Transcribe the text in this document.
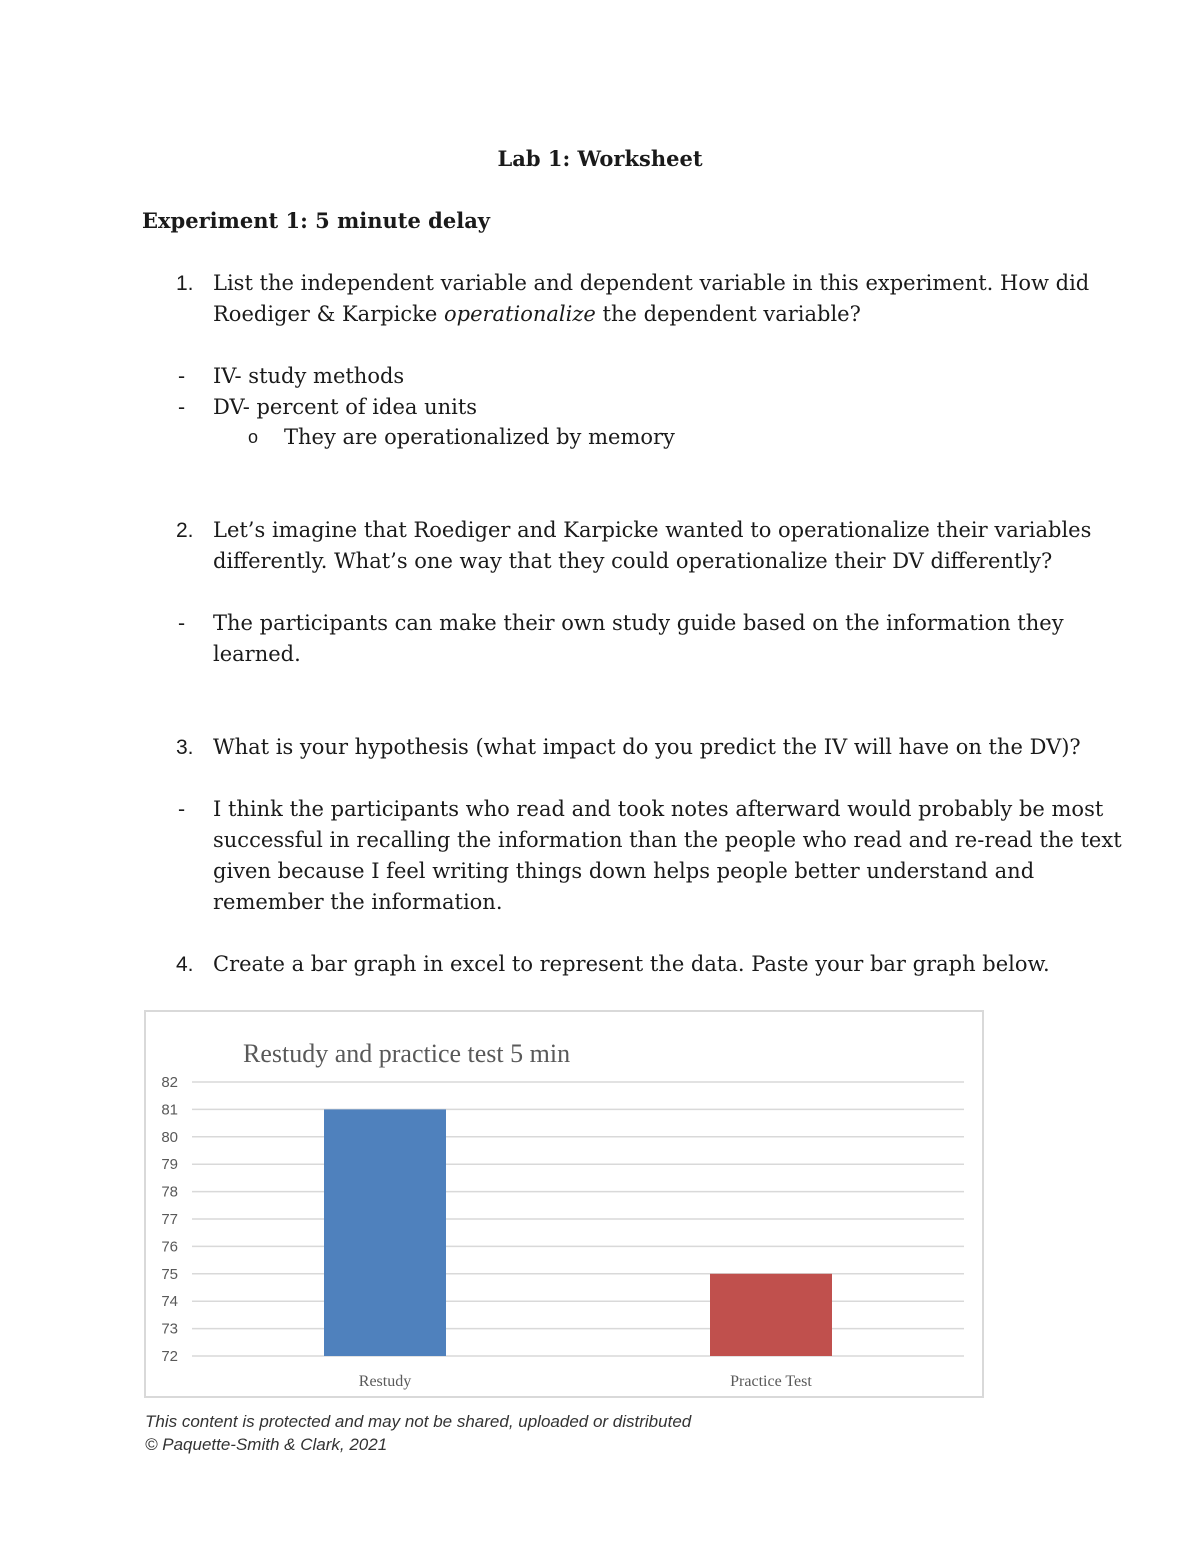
Lab 1: Worksheet
Experiment 1: 5 minute delay
1. List the independent variable and dependent variable in this experiment. How did
Roediger & Karpicke operationalize the dependent variable?
- IV- study methods
- DV- percent of idea units
o They are operationalized by memory
2. Let’s imagine that Roediger and Karpicke wanted to operationalize their variables
differently. What’s one way that they could operationalize their DV differently?
- The participants can make their own study guide based on the information they
learned.
3. What is your hypothesis (what impact do you predict the IV will have on the DV)?
- I think the participants who read and took notes afterward would probably be most
successful in recalling the information than the people who read and re-read the text
given because I feel writing things down helps people better understand and
remember the information.
4. Create a bar graph in excel to represent the data. Paste your bar graph below.
Restudy and practice test 5 min
72
73
74
75
76
77
78
79
80
81
82
Restudy	Practice Test
This content is protected and may not be shared, uploaded or distributed
© Paquette-Smith & Clark, 2021
